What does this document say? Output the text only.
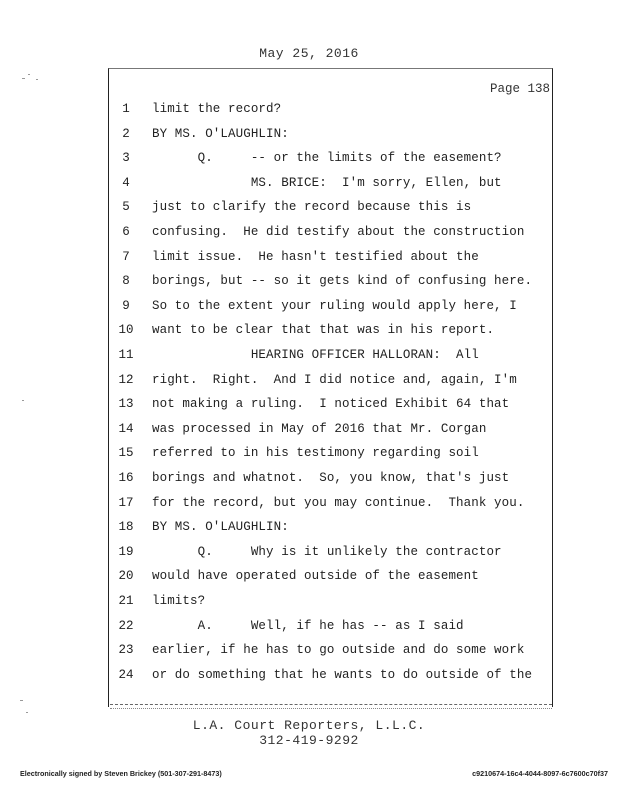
May 25, 2016
Page 138
1	limit the record?
2	BY MS. O'LAUGHLIN:
3	Q.     -- or the limits of the easement?
4	MS. BRICE:  I'm sorry, Ellen, but
5	just to clarify the record because this is
6	confusing.  He did testify about the construction
7	limit issue.  He hasn't testified about the
8	borings, but -- so it gets kind of confusing here.
9	So to the extent your ruling would apply here, I
10	want to be clear that that was in his report.
11	HEARING OFFICER HALLORAN:  All
12	right.  Right.  And I did notice and, again, I'm
13	not making a ruling.  I noticed Exhibit 64 that
14	was processed in May of 2016 that Mr. Corgan
15	referred to in his testimony regarding soil
16	borings and whatnot.  So, you know, that's just
17	for the record, but you may continue.  Thank you.
18	BY MS. O'LAUGHLIN:
19	Q.     Why is it unlikely the contractor
20	would have operated outside of the easement
21	limits?
22	A.     Well, if he has -- as I said
23	earlier, if he has to go outside and do some work
24	or do something that he wants to do outside of the
L.A. Court Reporters, L.L.C.
312-419-9292
Electronically signed by Steven Brickey (501-307-291-8473)	c9210674-16c4-4044-8097-6c7600c70f37
